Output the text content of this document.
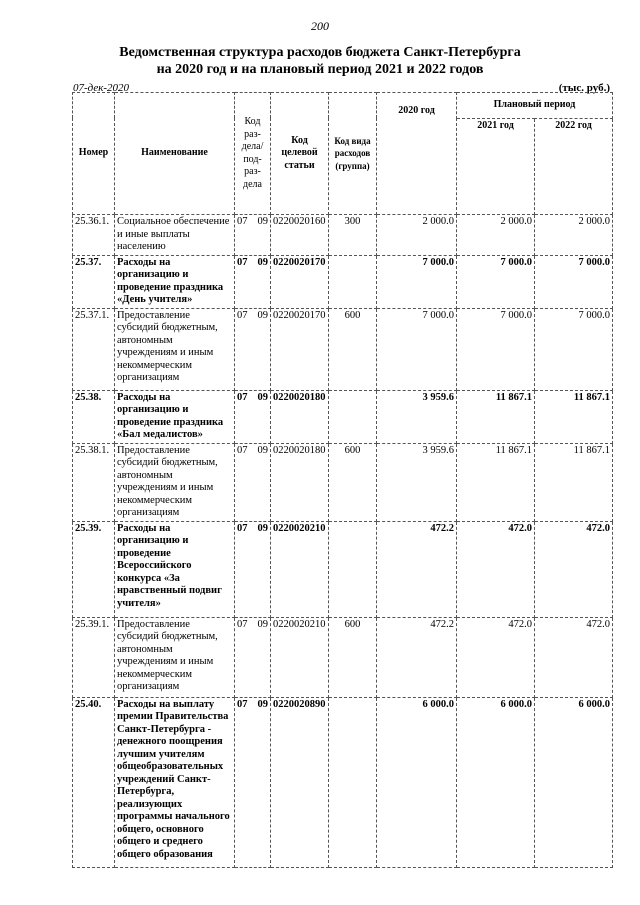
200
Ведомственная структура расходов бюджета Санкт-Петербурга
на 2020 год и на плановый период 2021 и 2022 годов
07-дек-2020	(тыс. руб.)
Номер	Наименование	Код раз-дела/ под-раз-дела	Код целевой статьи	Код вида расходов (группа)	2020 год	Плановый период	
						2021 год	2022 год
25.36.1.	Социальное обеспечение и иные выплаты населению	07 09	0220020160	300	2 000.0	2 000.0	2 000.0
25.37.	Расходы на организацию и проведение праздника «День учителя»	07 09	0220020170		7 000.0	7 000.0	7 000.0
25.37.1.	Предоставление субсидий бюджетным, автономным учреждениям и иным некоммерческим организациям	07 09	0220020170	600	7 000.0	7 000.0	7 000.0
25.38.	Расходы на организацию и проведение праздника «Бал медалистов»	07 09	0220020180		3 959.6	11 867.1	11 867.1
25.38.1.	Предоставление субсидий бюджетным, автономным учреждениям и иным некоммерческим организациям	07 09	0220020180	600	3 959.6	11 867.1	11 867.1
25.39.	Расходы на организацию и проведение Всероссийского конкурса «За нравственный подвиг учителя»	07 09	0220020210		472.2	472.0	472.0
25.39.1.	Предоставление субсидий бюджетным, автономным учреждениям и иным некоммерческим организациям	07 09	0220020210	600	472.2	472.0	472.0
25.40.	Расходы на выплату премии Правительства Санкт-Петербурга - денежного поощрения лучшим учителям общеобразовательных учреждений Санкт-Петербурга, реализующих программы начального общего, основного общего и среднего общего образования	07 09	0220020890		6 000.0	6 000.0	6 000.0
